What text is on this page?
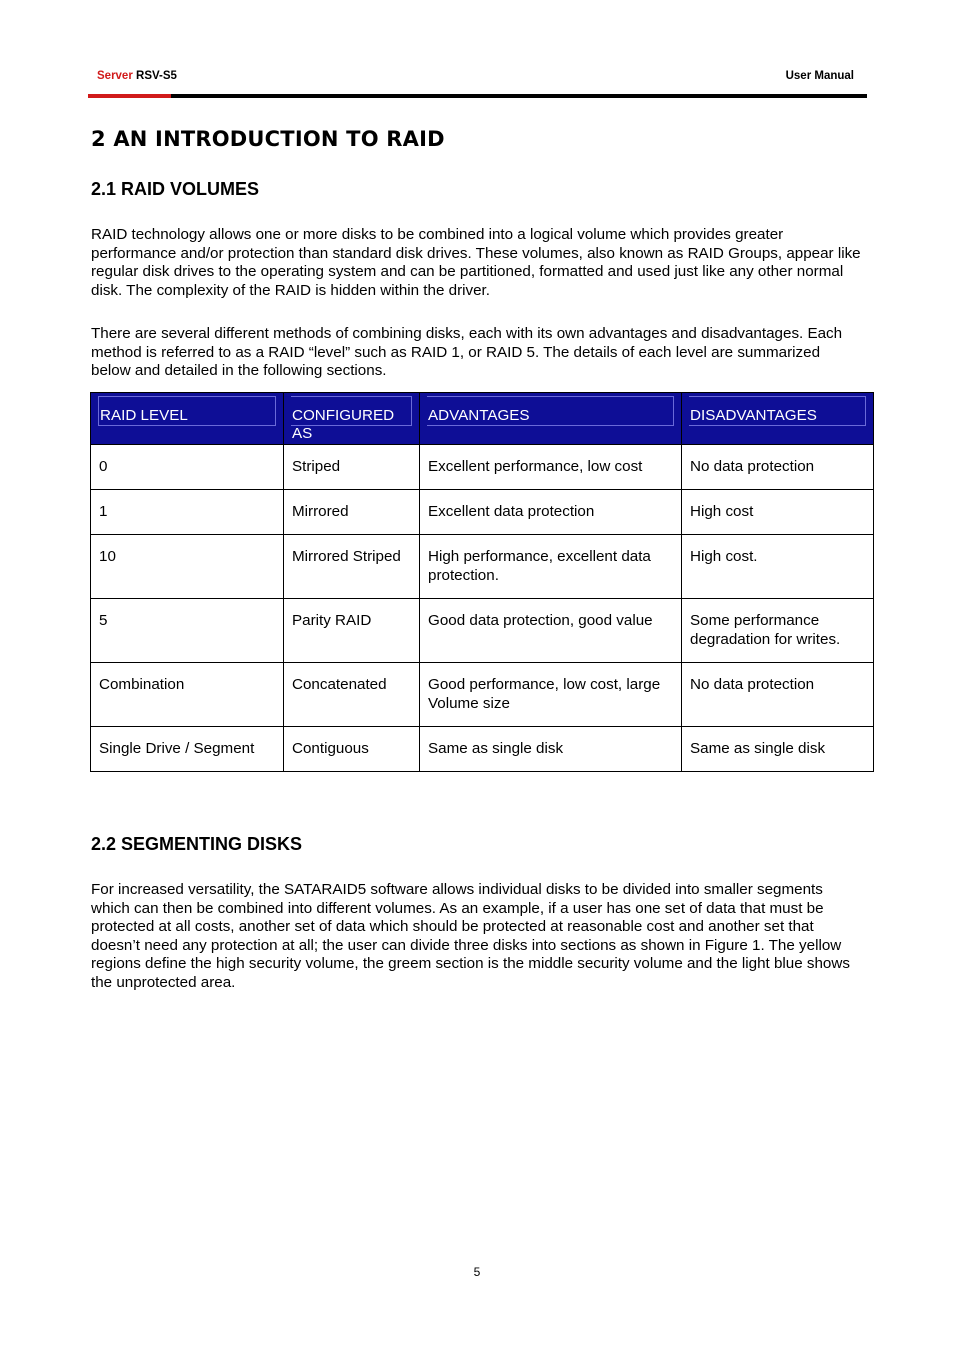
Server RSV-S5	User Manual
2 AN INTRODUCTION TO RAID
2.1 RAID VOLUMES

RAID technology allows one or more disks to be combined into a logical volume which provides greater performance and/or protection than standard disk drives. These volumes, also known as RAID Groups, appear like regular disk drives to the operating system and can be partitioned, formatted and used just like any other normal disk. The complexity of the RAID is hidden within the driver.

There are several different methods of combining disks, each with its own advantages and disadvantages. Each method is referred to as a RAID “level” such as RAID 1, or RAID 5. The details of each level are summarized below and detailed in the following sections.

RAID LEVEL	CONFIGURED AS	ADVANTAGES	DISADVANTAGES

0	Striped	Excellent performance, low cost	No data protection
1	Mirrored	Excellent data protection	High cost
10	Mirrored Striped	High performance, excellent data protection.	High cost.
5	Parity RAID	Good data protection, good value	Some performance degradation for writes.
Combination	Concatenated	Good performance, low cost, large Volume size	No data protection
Single Drive / Segment	Contiguous	Same as single disk	Same as single disk
2.2 SEGMENTING DISKS

For increased versatility, the SATARAID5 software allows individual disks to be divided into smaller segments which can then be combined into different volumes. As an example, if a user has one set of data that must be protected at all costs, another set of data which should be protected at reasonable cost and another set that doesn’t need any protection at all; the user can divide three disks into sections as shown in Figure 1. The yellow regions define the high security volume, the greem section is the middle security volume and the light blue shows the unprotected area.

5
